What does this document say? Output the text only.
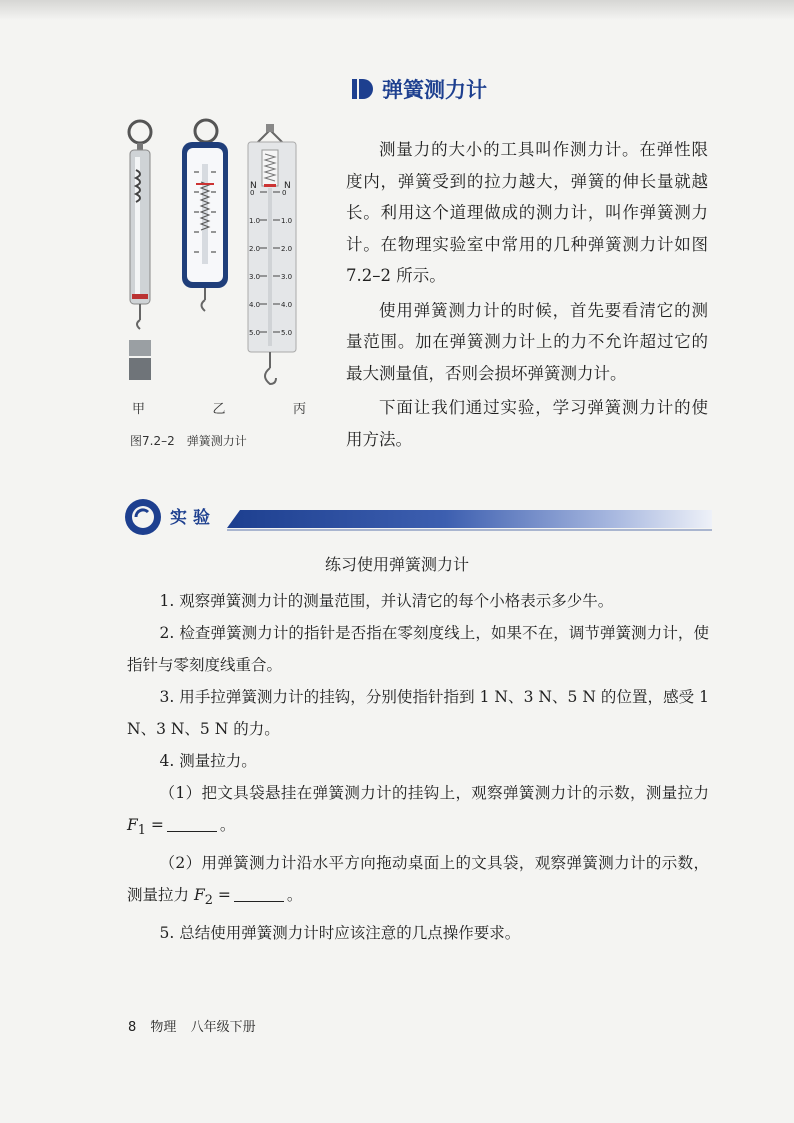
弹簧测力计
N	N
0
1.0
2.0
3.0
4.0
5.0
0
1.0
2.0
3.0
4.0
5.0
甲	乙	丙
图7.2–2　弹簧测力计

测量力的大小的工具叫作测力计。在弹性限度内，弹簧受到的拉力越大，弹簧的伸长量就越长。利用这个道理做成的测力计，叫作弹簧测力计。在物理实验室中常用的几种弹簧测力计如图 7.2–2 所示。

使用弹簧测力计的时候，首先要看清它的测量范围。加在弹簧测力计上的力不允许超过它的最大测量值，否则会损坏弹簧测力计。

下面让我们通过实验，学习弹簧测力计的使用方法。

实验
练习使用弹簧测力计

1. 观察弹簧测力计的测量范围，并认清它的每个小格表示多少牛。

2. 检查弹簧测力计的指针是否指在零刻度线上，如果不在，调节弹簧测力计，使指针与零刻度线重合。

3. 用手拉弹簧测力计的挂钩，分别使指针指到 1 N、3 N、5 N 的位置，感受 1 N、3 N、5 N 的力。

4. 测量拉力。

（1）把文具袋悬挂在弹簧测力计的挂钩上，观察弹簧测力计的示数，测量拉力 $F_1$ =	。

（2）用弹簧测力计沿水平方向拖动桌面上的文具袋，观察弹簧测力计的示数，测量拉力 $F_2$ =	。

5. 总结使用弹簧测力计时应该注意的几点操作要求。

8 物理 八年级下册
